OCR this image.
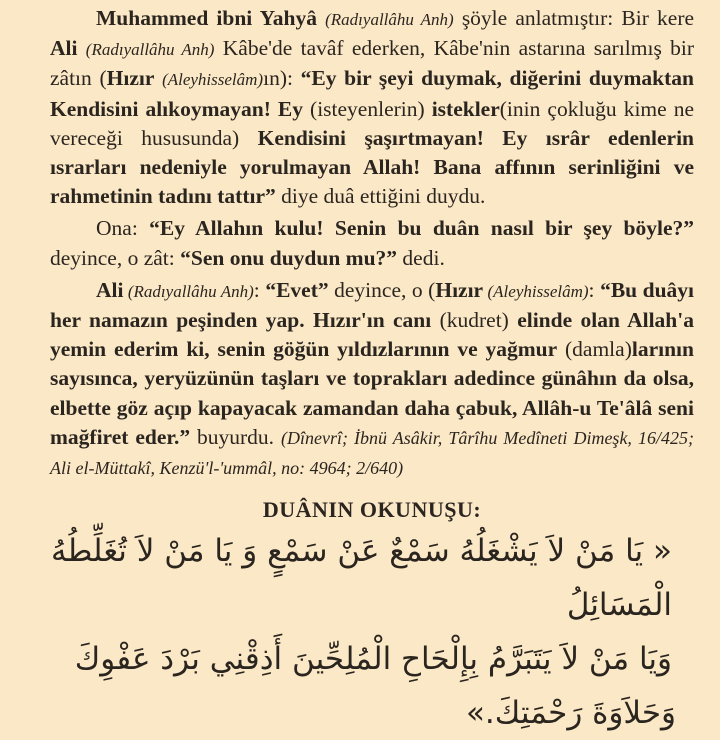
Muhammed ibni Yahyâ (Radıyallâhu Anh) şöyle anlatmıştır: Bir kere Ali (Radıyallâhu Anh) Kâbe'de tavâf ederken, Kâbe'nin astarına sarılmış bir zâtın (Hızır (Aleyhisselâm)ın): “Ey bir şeyi duymak, diğerini duymaktan Kendisini alıkoymayan! Ey (isteyenlerin) istekler(inin çokluğu kime ne vereceği hususunda) Kendisini şaşırtmayan! Ey ısrâr edenlerin ısrarları nedeniyle yorulmayan Allah! Bana affının serinliğini ve rahmetinin tadını tattır” diye duâ ettiğini duydu.

Ona: “Ey Allahın kulu! Senin bu duân nasıl bir şey böyle?” deyince, o zât: “Sen onu duydun mu?” dedi.

Ali (Radıyallâhu Anh): “Evet” deyince, o (Hızır (Aleyhisselâm): “Bu duâyı her namazın peşinden yap. Hızır'ın canı (kudret) elinde olan Allah'a yemin ederim ki, senin göğün yıldızlarının ve yağmur (damla)larının sayısınca, yeryüzünün taşları ve toprakları adedince günâhın da olsa, elbette göz açıp kapayacak zamandan daha çabuk, Allâh-u Te'âlâ seni mağfiret eder.” buyurdu. (Dînevrî; İbnü Asâkir, Târîhu Medîneti Dimeşk, 16/425; Ali el-Müttakî, Kenzü'l-'ummâl, no: 4964; 2/640)

DUÂNIN OKUNUŞU:

« يَا مَنْ لاَ يَشْغَلُهُ سَمْعٌ عَنْ سَمْعٍ وَ يَا مَنْ لاَ تُغَلِّطُهُ الْمَسَائِلُ

وَيَا مَنْ لاَ يَتَبَرَّمُ بِإِلْحَاحِ الْمُلِحِّينَ أَذِقْنِي بَرْدَ عَفْوِكَ

وَحَلاَوَةَ رَحْمَتِكَ.»
